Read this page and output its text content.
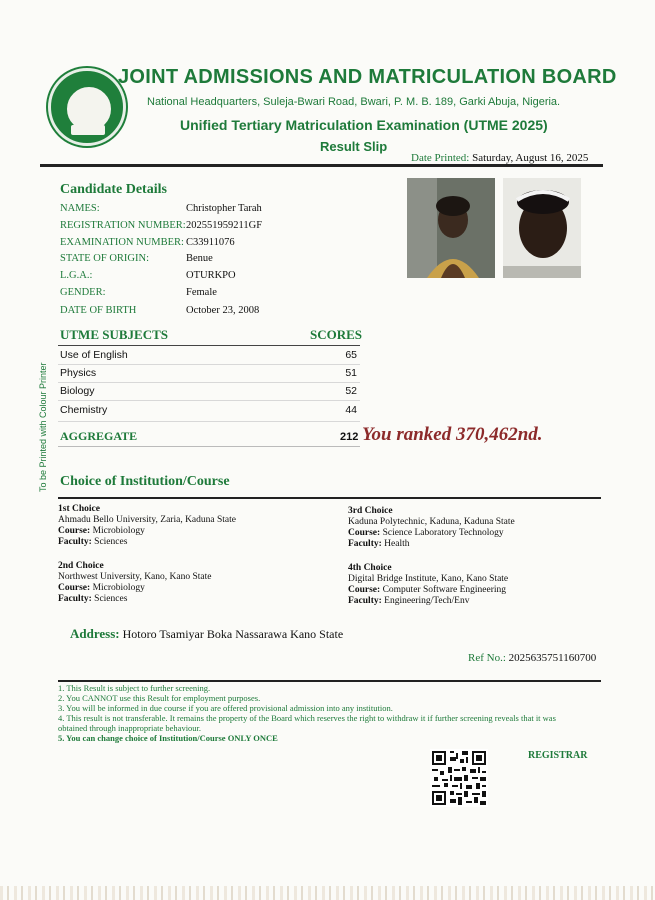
JOINT ADMISSIONS AND MATRICULATION BOARD
National Headquarters, Suleja-Bwari Road, Bwari, P. M. B. 189, Garki Abuja, Nigeria.
Unified Tertiary Matriculation Examination (UTME 2025)
Result Slip
Date Printed: Saturday, August 16, 2025
Candidate Details
NAMES:	Christopher Tarah
REGISTRATION NUMBER: 202551959211GF
EXAMINATION NUMBER: C33911076
STATE OF ORIGIN:	Benue
L.G.A.:	OTURKPO
GENDER:	Female
DATE OF BIRTH	October 23, 2008
UTME SUBJECTS	SCORES
Use of English	65
Physics	51
Biology	52
Chemistry	44
AGGREGATE	212 You ranked 370,462nd.
Choice of Institution/Course
1st Choice
Ahmadu Bello University, Zaria, Kaduna State
Course: Microbiology
Faculty: Sciences
2nd Choice
Northwest University, Kano, Kano State
Course: Microbiology
Faculty: Sciences
3rd Choice
Kaduna Polytechnic, Kaduna, Kaduna State
Course: Science Laboratory Technology
Faculty: Health
4th Choice
Digital Bridge Institute, Kano, Kano State
Course: Computer Software Engineering
Faculty: Engineering/Tech/Env
Address: Hotoro Tsamiyar Boka Nassarawa Kano State
Ref No.: 2025635751160700
1. This Result is subject to further screening.
2. You CANNOT use this Result for employment purposes.
3. You will be informed in due course if you are offered provisional admission into any institution.
4. This result is not transferable. It remains the property of the Board which reserves the right to withdraw it if further screening reveals that it was obtained through inappropriate behaviour.
5. You can change choice of Institution/Course ONLY ONCE
REGISTRAR
To be Printed with Colour Printer
